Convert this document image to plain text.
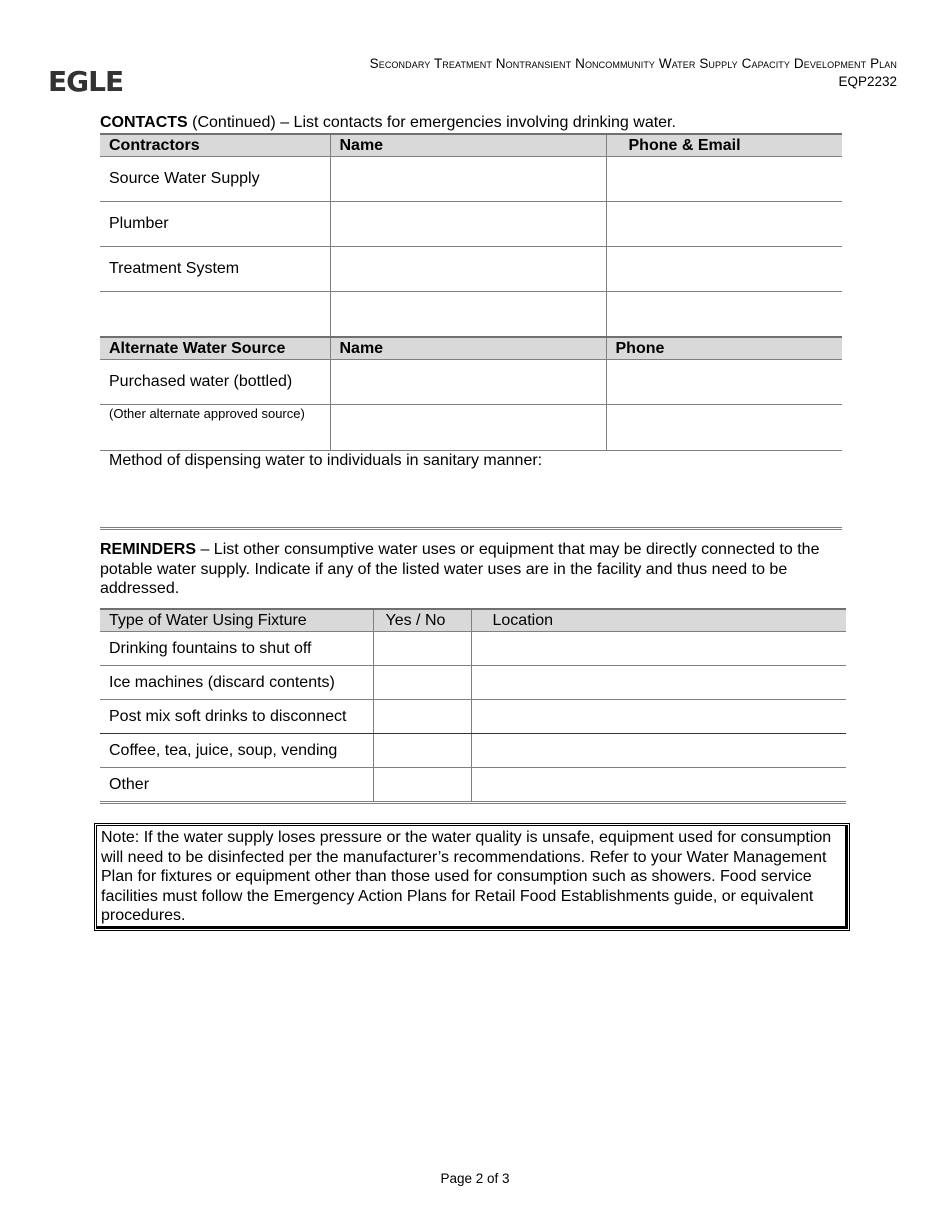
EGLE
Secondary Treatment Nontransient Noncommunity Water Supply Capacity Development Plan
EQP2232
CONTACTS (Continued) – List contacts for emergencies involving drinking water.
Contractors	Name	Phone & Email
Source Water Supply		
Plumber		
Treatment System		

Alternate Water Source	Name	Phone
Purchased water (bottled)		
(Other alternate approved source)		
Method of dispensing water to individuals in sanitary manner:
REMINDERS – List other consumptive water uses or equipment that may be directly connected to the potable water supply. Indicate if any of the listed water uses are in the facility and thus need to be addressed.
Type of Water Using Fixture	Yes / No	Location
Drinking fountains to shut off		
Ice machines (discard contents)		
Post mix soft drinks to disconnect		
Coffee, tea, juice, soup, vending		
Other		
Note: If the water supply loses pressure or the water quality is unsafe, equipment used for consumption will need to be disinfected per the manufacturer’s recommendations. Refer to your Water Management Plan for fixtures or equipment other than those used for consumption such as showers. Food service facilities must follow the Emergency Action Plans for Retail Food Establishments guide, or equivalent procedures.
Page 2 of 3
